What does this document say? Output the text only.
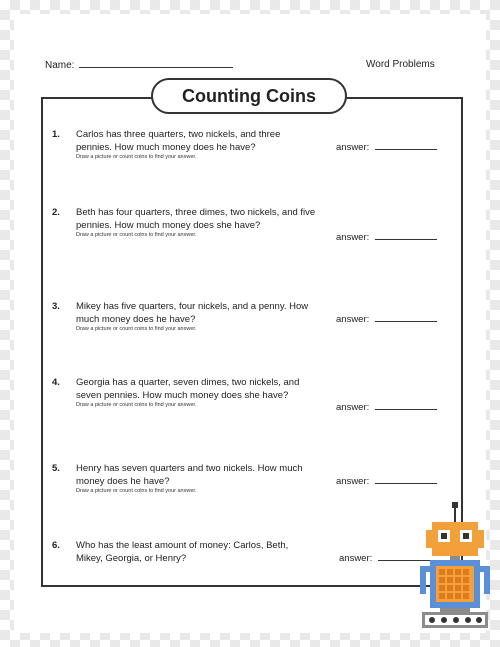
Name:	Word Problems
Counting Coins
1. Carlos has three quarters, two nickels, and three pennies. How much money does he have?
Draw a picture or count coins to find your answer.
answer:
2. Beth has four quarters, three dimes, two nickels, and five pennies. How much money does she have?
Draw a picture or count coins to find your answer.	answer:
3. Mikey has five quarters, four nickels, and a penny. How much money does he have?
Draw a picture or count coins to find your answer.
answer:
4. Georgia has a quarter, seven dimes, two nickels, and seven pennies. How much money does she have?
Draw a picture or count coins to find your answer.	answer:
5. Henry has seven quarters and two nickels. How much money does he have?
Draw a picture or count coins to find your answer.
answer:
6. Who has the least amount of money: Carlos, Beth, Mikey, Georgia, or Henry?	answer:
